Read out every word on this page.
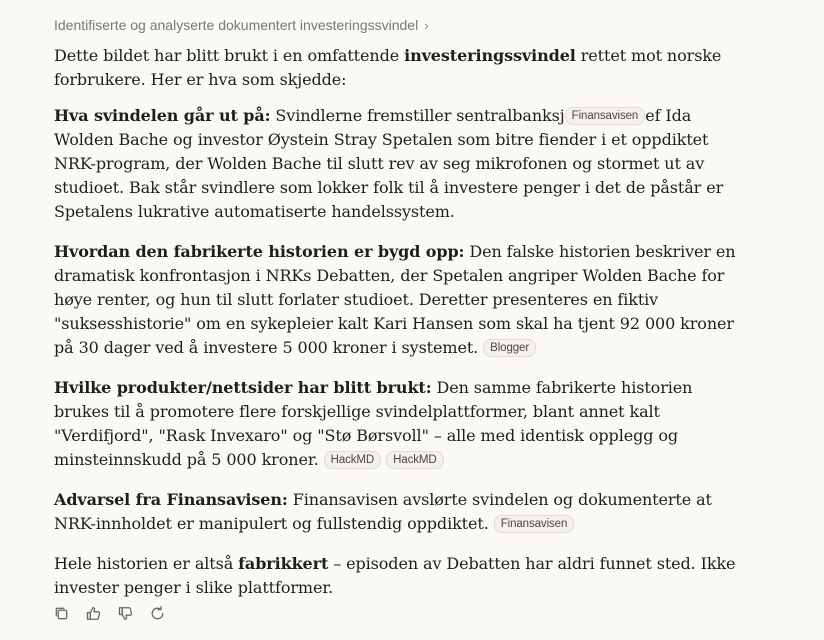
Identifiserte og analyserte dokumentert investeringssvindel ›

Dette bildet har blitt brukt i en omfattende investeringssvindel rettet mot norske forbrukere. Her er hva som skjedde:

Hva svindelen går ut på: Svindlerne fremstiller sentralbanksj Finansavisen ef Ida Wolden Bache og investor Øystein Stray Spetalen som bitre fiender i et oppdiktet NRK-program, der Wolden Bache til slutt rev av seg mikrofonen og stormet ut av studioet. Bak står svindlere som lokker folk til å investere penger i det de påstår er Spetalens lukrative automatiserte handelssystem.

Hvordan den fabrikerte historien er bygd opp: Den falske historien beskriver en dramatisk konfrontasjon i NRKs Debatten, der Spetalen angriper Wolden Bache for høye renter, og hun til slutt forlater studioet. Deretter presenteres en fiktiv "suksesshistorie" om en sykepleier kalt Kari Hansen som skal ha tjent 92 000 kroner på 30 dager ved å investere 5 000 kroner i systemet. Blogger

Hvilke produkter/nettsider har blitt brukt: Den samme fabrikerte historien brukes til å promotere flere forskjellige svindelplattformer, blant annet kalt "Verdifjord", "Rask Invexaro" og "Stø Børsvoll" – alle med identisk opplegg og minsteinnskudd på 5 000 kroner. HackMD HackMD

Advarsel fra Finansavisen: Finansavisen avslørte svindelen og dokumenterte at NRK-innholdet er manipulert og fullstendig oppdiktet. Finansavisen

Hele historien er altså fabrikkert – episoden av Debatten har aldri funnet sted. Ikke invester penger i slike plattformer.
